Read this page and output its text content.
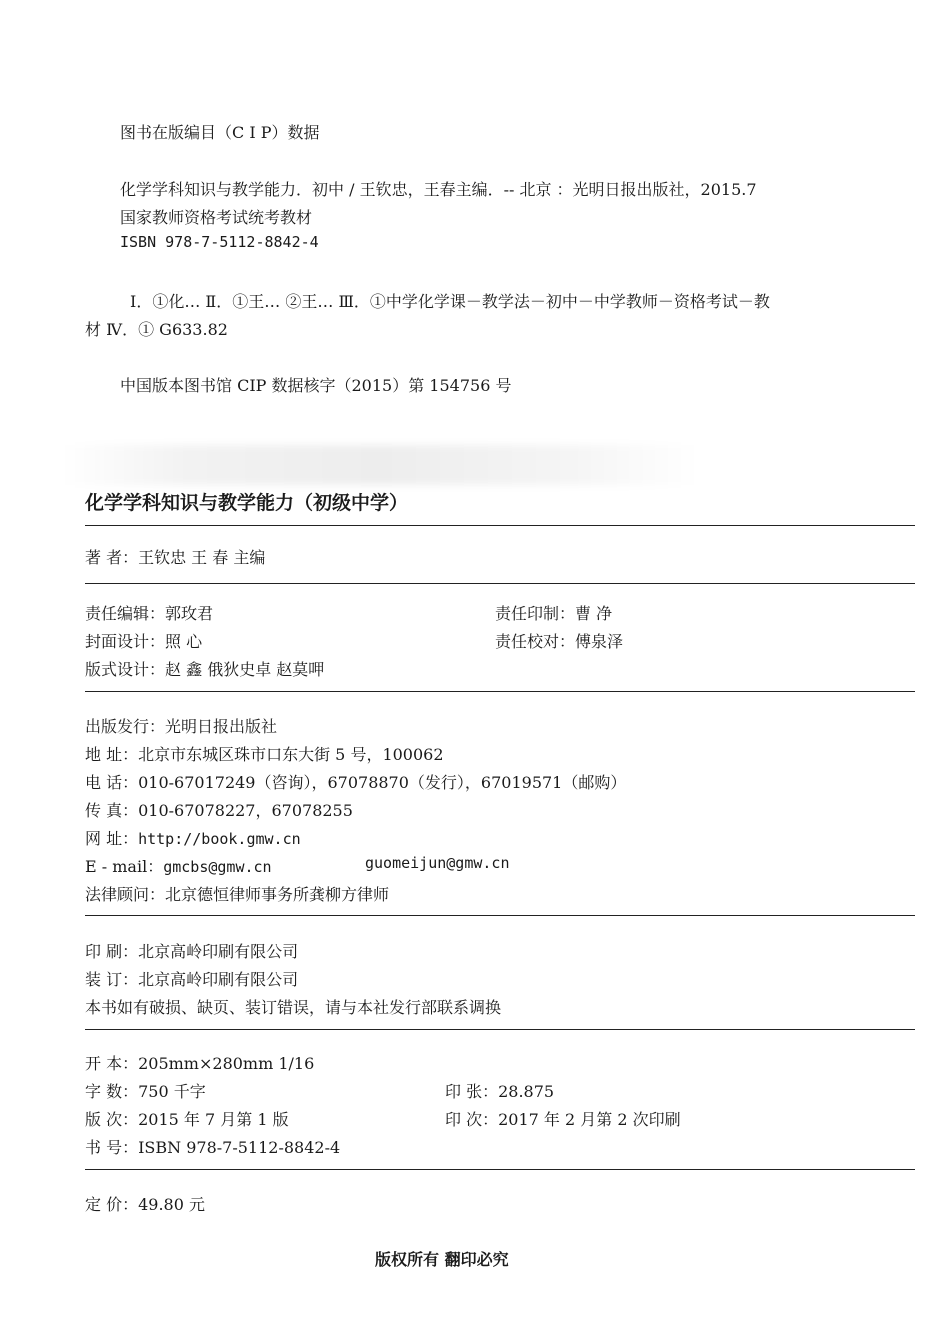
图书在版编目（C I P）数据
化学学科知识与教学能力．初中 / 王钦忠，王春主编．-- 北京 ：光明日报出版社，2015.7
国家教师资格考试统考教材
ISBN 978-7-5112-8842-4
Ⅰ．①化… Ⅱ．①王… ②王… Ⅲ．①中学化学课－教学法－初中－中学教师－资格考试－教
材 Ⅳ．① G633.82
中国版本图书馆 CIP 数据核字（2015）第 154756 号
化学学科知识与教学能力（初级中学）
著 者：王钦忠 王 春 主编
责任编辑：郭玫君	责任印制：曹 净
封面设计：照 心	责任校对：傅泉泽
版式设计：赵 鑫 俄狄史卓 赵莫呷
出版发行：光明日报出版社
地 址：北京市东城区珠市口东大街 5 号，100062
电 话：010-67017249（咨询），67078870（发行），67019571（邮购）
传 真：010-67078227，67078255
网 址：http://book.gmw.cn
E - mail：gmcbs@gmw.cn	guomeijun@gmw.cn
法律顾问：北京德恒律师事务所龚柳方律师
印 刷：北京高岭印刷有限公司
装 订：北京高岭印刷有限公司
本书如有破损、缺页、装订错误，请与本社发行部联系调换
开 本：205mm×280mm 1/16
字 数：750 千字	印 张：28.875
版 次：2015 年 7 月第 1 版	印 次：2017 年 2 月第 2 次印刷
书 号：ISBN 978-7-5112-8842-4
定 价：49.80 元
版权所有 翻印必究
